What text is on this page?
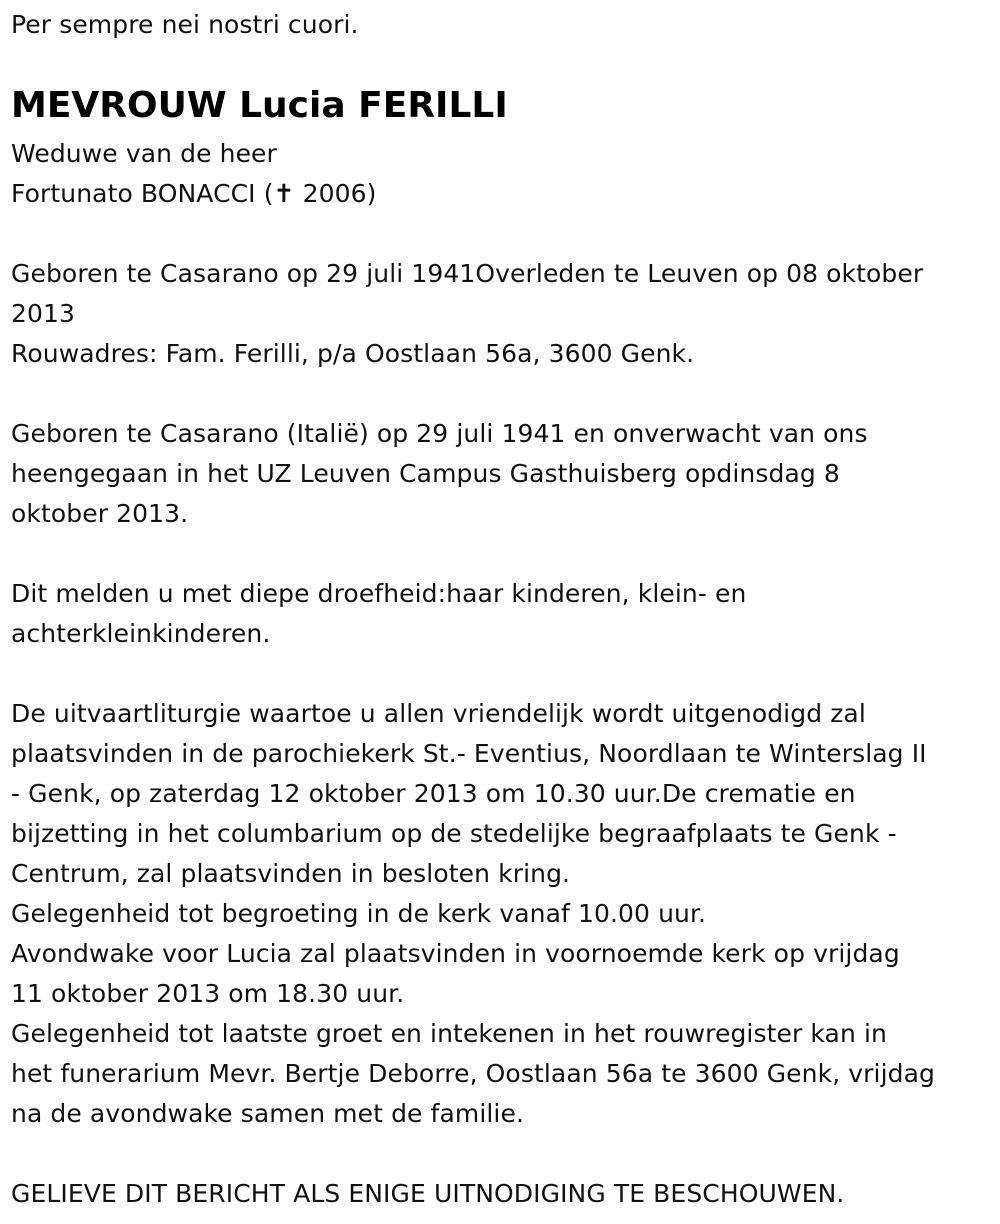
Per sempre nei nostri cuori.
MEVROUW Lucia FERILLI
Weduwe van de heer
Fortunato BONACCI (✝ 2006)
Geboren te Casarano op 29 juli 1941Overleden te Leuven op 08 oktober
2013
Rouwadres: Fam. Ferilli, p/a Oostlaan 56a, 3600 Genk.
Geboren te Casarano (Italië) op 29 juli 1941 en onverwacht van ons
heengegaan in het UZ Leuven Campus Gasthuisberg opdinsdag 8
oktober 2013.
Dit melden u met diepe droefheid:haar kinderen, klein- en
achterkleinkinderen.
De uitvaartliturgie waartoe u allen vriendelijk wordt uitgenodigd zal
plaatsvinden in de parochiekerk St.- Eventius, Noordlaan te Winterslag II
- Genk, op zaterdag 12 oktober 2013 om 10.30 uur.De crematie en
bijzetting in het columbarium op de stedelijke begraafplaats te Genk -
Centrum, zal plaatsvinden in besloten kring.
Gelegenheid tot begroeting in de kerk vanaf 10.00 uur.
Avondwake voor Lucia zal plaatsvinden in voornoemde kerk op vrijdag
11 oktober 2013 om 18.30 uur.
Gelegenheid tot laatste groet en intekenen in het rouwregister kan in
het funerarium Mevr. Bertje Deborre, Oostlaan 56a te 3600 Genk, vrijdag
na de avondwake samen met de familie.
GELIEVE DIT BERICHT ALS ENIGE UITNODIGING TE BESCHOUWEN.
